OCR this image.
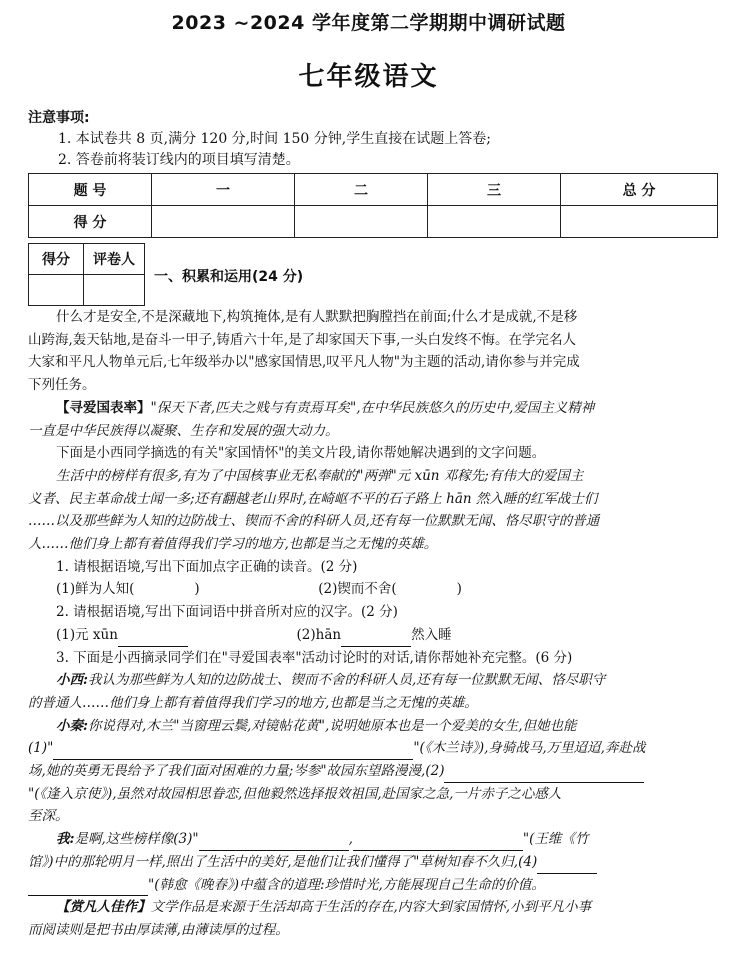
2023 ~2024 学年度第二学期期中调研试题
七年级语文
注意事项:
1. 本试卷共 8 页,满分 120 分,时间 150 分钟,学生直接在试题上答卷;
2. 答卷前将装订线内的项目填写清楚。
题 号	一	二	三	总 分
得 分				
得分	评卷人

一、积累和运用(24 分)

什么才是安全,不是深藏地下,构筑掩体,是有人默默把胸膛挡在前面;什么才是成就,不是移

山跨海,轰天钻地,是奋斗一甲子,铸盾六十年,是了却家国天下事,一头白发终不悔。在学完名人

大家和平凡人物单元后,七年级举办以"感家国情思,叹平凡人物"为主题的活动,请你参与并完成

下列任务。

【寻爱国表率】"保天下者,匹夫之贱与有责焉耳矣",在中华民族悠久的历史中,爱国主义精神

一直是中华民族得以凝聚、生存和发展的强大动力。

下面是小西同学摘选的有关"家国情怀"的美文片段,请你帮她解决遇到的文字问题。

生活中的榜样有很多,有为了中国核事业无私奉献的"两弹"元 xūn 邓稼先;有伟大的爱国主

义者、民主革命战士闻一多;还有翻越老山界时,在崎岖不平的石子路上 hān 然入睡的红军战士们

……以及那些鲜为人知的边防战士、锲而不舍的科研人员,还有每一位默默无闻、恪尽职守的普通

人……他们身上都有着值得我们学习的地方,也都是当之无愧的英雄。

1. 请根据语境,写出下面加点字正确的读音。(2 分)

(1)鲜为人知(	)	(2)锲而不舍(	)

2. 请根据语境,写出下面词语中拼音所对应的汉字。(2 分)

(1)元 xūn	(2)hān	然入睡

3. 下面是小西摘录同学们在"寻爱国表率"活动讨论时的对话,请你帮她补充完整。(6 分)

小西:我认为那些鲜为人知的边防战士、锲而不舍的科研人员,还有每一位默默无闻、恪尽职守

的普通人……他们身上都有着值得我们学习的地方,也都是当之无愧的英雄。

小秦:你说得对,木兰"当窗理云鬓,对镜帖花黄",说明她原本也是一个爱美的女生,但她也能

(1)"	"(《木兰诗》),身骑战马,万里迢迢,奔赴战

场,她的英勇无畏给予了我们面对困难的力量;岑参"故园东望路漫漫,(2)

"(《逢入京使》),虽然对故园相思眷恋,但他毅然选择报效祖国,赴国家之急,一片赤子之心感人

至深。

我:是啊,这些榜样像(3)"	,	"(王维《竹

馆》)中的那轮明月一样,照出了生活中的美好,是他们让我们懂得了"草树知春不久归,(4)

"(韩愈《晚春》)中蕴含的道理:珍惜时光,方能展现自己生命的价值。

【赏凡人佳作】文学作品是来源于生活却高于生活的存在,内容大到家国情怀,小到平凡小事

而阅读则是把书由厚读薄,由薄读厚的过程。
